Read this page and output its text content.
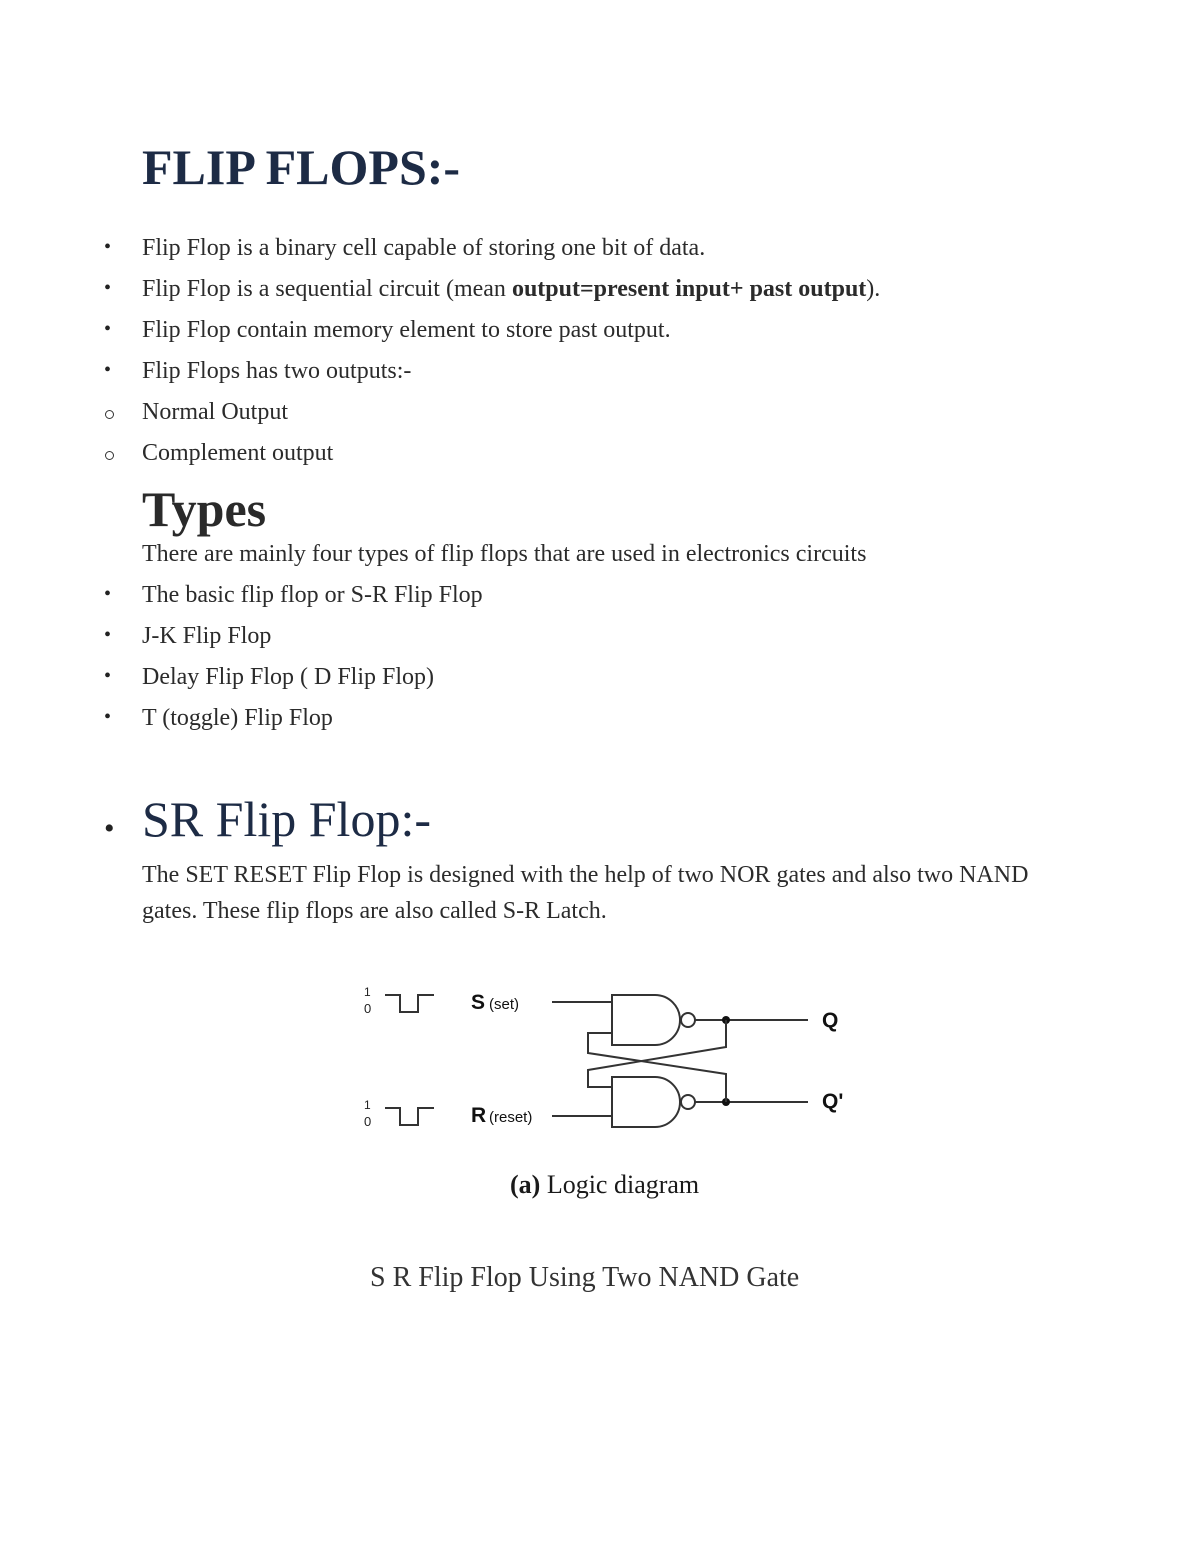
FLIP FLOPS:-
• Flip Flop is a binary cell capable of storing one bit of data.
• Flip Flop is a sequential circuit (mean output=present input+ past output).
• Flip Flop contain memory element to store past output.
• Flip Flops has two outputs:-
Normal Output
Complement output
Types
There are mainly four types of flip flops that are used in electronics circuits
• The basic flip flop or S-R Flip Flop
• J-K Flip Flop
• Delay Flip Flop ( D Flip Flop)
• T (toggle) Flip Flop
• SR Flip Flop:-
The SET RESET Flip Flop is designed with the help of two NOR gates and also two NAND gates. These flip flops are also called S-R Latch.
1
0
1
0
S (set)
R (reset)
Q
Q'
(a) Logic diagram
S R Flip Flop Using Two NAND Gate
